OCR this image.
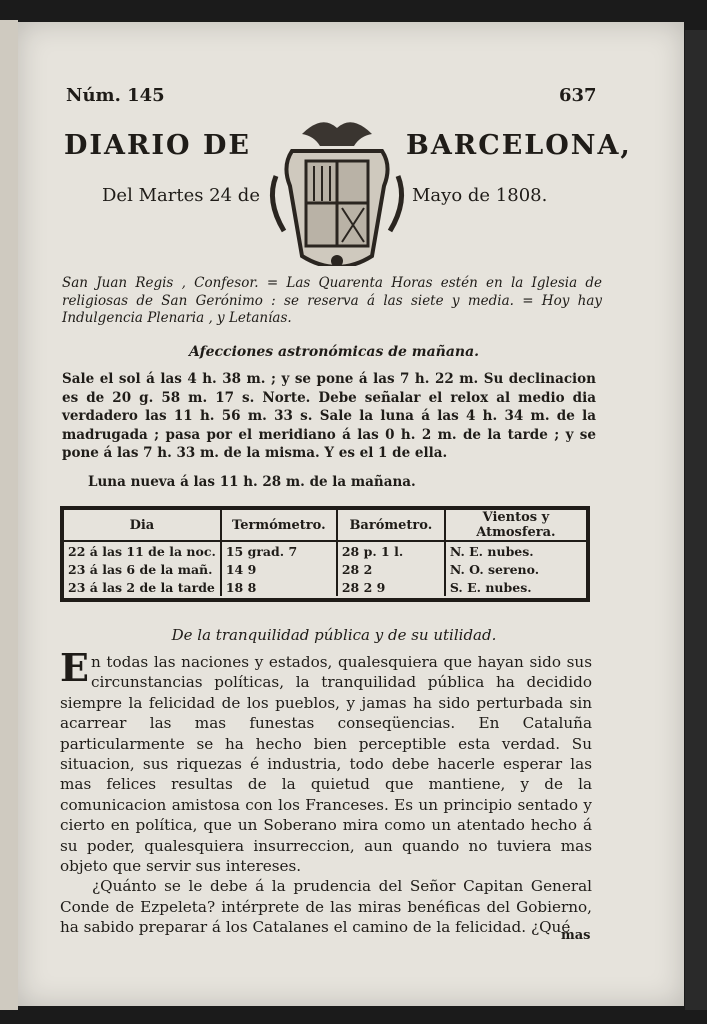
Núm. 145	637
DIARIO DE	BARCELONA,
Del Martes 24 de	Mayo de 1808.
San Juan Regis , Confesor. = Las Quarenta Horas estén en la Iglesia de religiosas de San Gerónimo : se reserva á las siete y media. = Hoy hay Indulgencia Plenaria , y Letanías.
Afecciones astronómicas de mañana.
Sale el sol á las 4 h. 38 m. ; y se pone á las 7 h. 22 m. Su declinacion es de 20 g. 58 m. 17 s. Norte. Debe señalar el relox al medio dia verdadero las 11 h. 56 m. 33 s. Sale la luna á las 4 h. 34 m. de la madrugada ; pasa por el meridiano á las 0 h. 2 m. de la tarde ; y se pone á las 7 h. 33 m. de la misma. Y es el 1 de ella.
Luna nueva á las 11 h. 28 m. de la mañana.
Dia	Termómetro.	Barómetro.	Vientos y Atmosfera.
22 á las 11 de la noc.	15 grad. 7	28 p. 1 l.	N. E. nubes.
23 á las 6 de la mañ.	14 9	28 2	N. O. sereno.
23 á las 2 de la tarde	18 8	28 2 9	S. E. nubes.
De la tranquilidad pública y de su utilidad.

En todas las naciones y estados, qualesquiera que hayan sido sus circunstancias políticas, la tranquilidad pública ha decidido siempre la felicidad de los pueblos, y jamas ha sido perturbada sin acarrear las mas funestas conseqüencias. En Cataluña particularmente se ha hecho bien perceptible esta verdad. Su situacion, sus riquezas é industria, todo debe hacerle esperar las mas felices resultas de la quietud que mantiene, y de la comunicacion amistosa con los Franceses. Es un principio sentado y cierto en política, que un Soberano mira como un atentado hecho á su poder, qualesquiera insurreccion, aun quando no tuviera mas objeto que servir sus intereses.

¿Quánto se le debe á la prudencia del Señor Capitan General Conde de Ezpeleta? intérprete de las miras benéficas del Gobierno, ha sabido preparar á los Catalanes el camino de la felicidad. ¿Qué

mas
